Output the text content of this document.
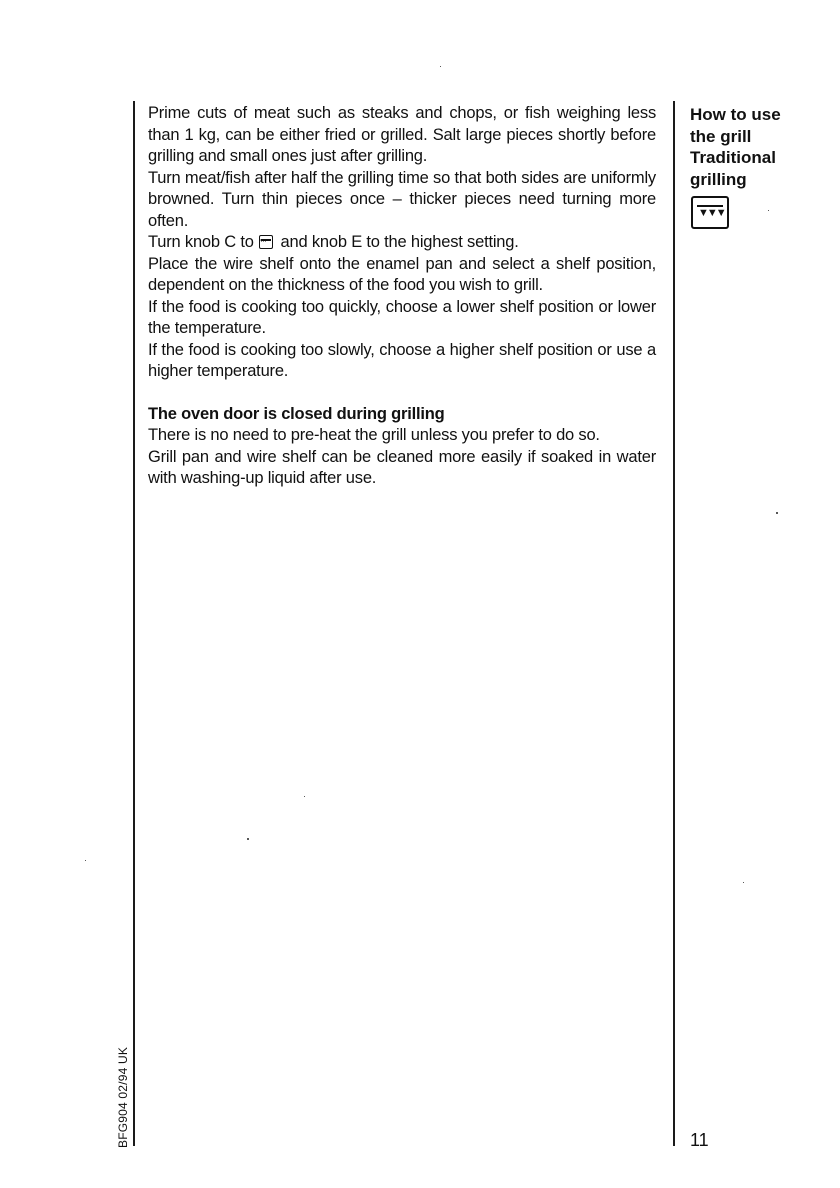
Prime cuts of meat such as steaks and chops, or fish weighing less than 1 kg, can be either fried or grilled. Salt large pieces shortly before grilling and small ones just after grilling.

Turn meat/fish after half the grilling time so that both sides are uniformly browned. Turn thin pieces once – thicker pieces need turning more often.

Turn knob C to ▾▾▾ and knob E to the highest setting.

Place the wire shelf onto the enamel pan and select a shelf position, dependent on the thickness of the food you wish to grill.

If the food is cooking too quickly, choose a lower shelf position or lower the temperature.

If the food is cooking too slowly, choose a higher shelf position or use a higher temperature.

The oven door is closed during grilling

There is no need to pre-heat the grill unless you prefer to do so.

Grill pan and wire shelf can be cleaned more easily if soaked in water with washing-up liquid after use.

How to use
the grill
Traditional
grilling
▼▼▼
BFG904 02/94 UK	11
